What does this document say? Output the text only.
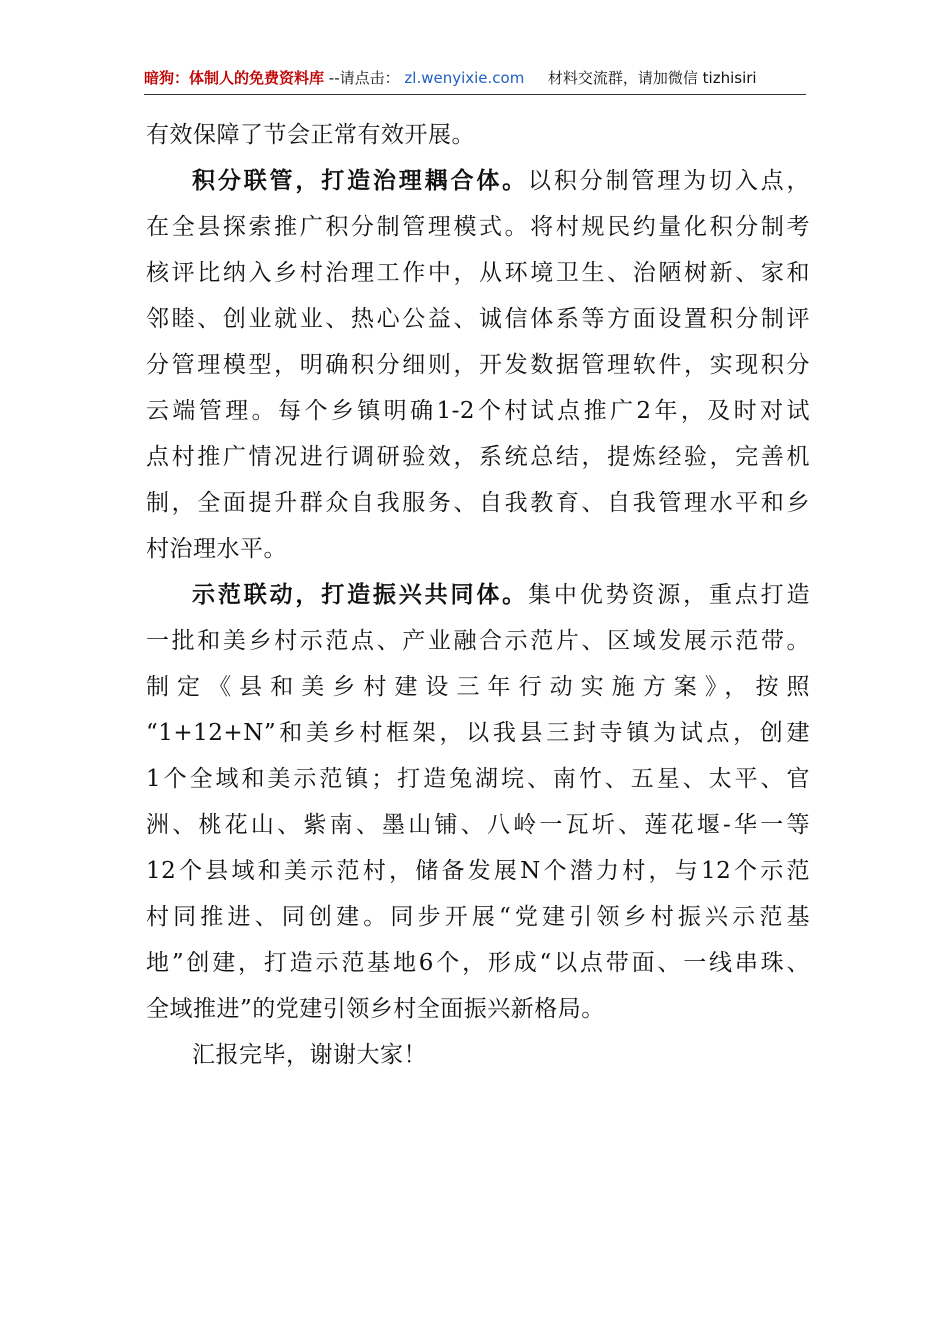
暗狗：体制人的免费资料库 --请点击： zl.wenyixie.com 材料交流群，请加微信 tizhisiri
有效保障了节会正常有效开展。
积分联管，打造治理耦合体。以积分制管理为切入点，
在全县探索推广积分制管理模式。将村规民约量化积分制考
核评比纳入乡村治理工作中，从环境卫生、治陋树新、家和
邻睦、创业就业、热心公益、诚信体系等方面设置积分制评
分管理模型，明确积分细则，开发数据管理软件，实现积分
云端管理。每个乡镇明确1-2个村试点推广2年，及时对试
点村推广情况进行调研验效，系统总结，提炼经验，完善机
制，全面提升群众自我服务、自我教育、自我管理水平和乡
村治理水平。
示范联动，打造振兴共同体。集中优势资源，重点打造
一批和美乡村示范点、产业融合示范片、区域发展示范带。
制定《县和美乡村建设三年行动实施方案》，按照
“1+12+N”和美乡村框架，以我县三封寺镇为试点，创建
1个全域和美示范镇；打造兔湖垸、南竹、五星、太平、官
洲、桃花山、紫南、墨山铺、八岭一瓦圻、莲花堰-华一等
12个县域和美示范村，储备发展N个潜力村，与12个示范
村同推进、同创建。同步开展“党建引领乡村振兴示范基
地”创建，打造示范基地6个，形成“以点带面、一线串珠、
全域推进”的党建引领乡村全面振兴新格局。
汇报完毕，谢谢大家！
